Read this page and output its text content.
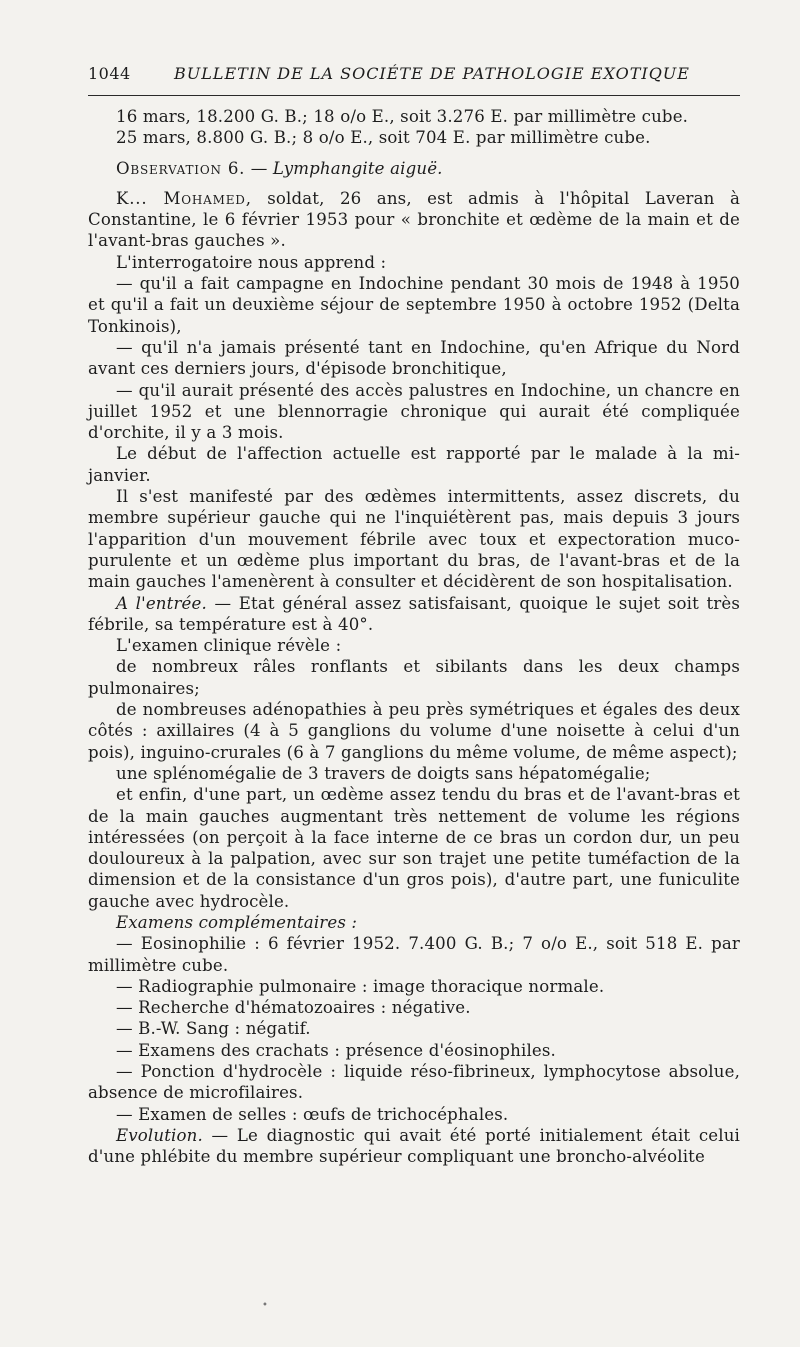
1044	BULLETIN DE LA SOCIÉTE DE PATHOLOGIE EXOTIQUE

16 mars, 18.200 G. B.; 18 o/o E., soit 3.276 E. par millimètre cube.

25 mars, 8.800 G. B.; 8 o/o E., soit 704 E. par millimètre cube.

Observation 6. — Lymphangite aiguë.

K... Mohamed, soldat, 26 ans, est admis à l'hôpital Laveran à Constantine, le 6 février 1953 pour « bronchite et œdème de la main et de l'avant-bras gauches ».

L'interrogatoire nous apprend :

— qu'il a fait campagne en Indochine pendant 30 mois de 1948 à 1950 et qu'il a fait un deuxième séjour de septembre 1950 à octobre 1952 (Delta Tonkinois),

— qu'il n'a jamais présenté tant en Indochine, qu'en Afrique du Nord avant ces derniers jours, d'épisode bronchitique,

— qu'il aurait présenté des accès palustres en Indochine, un chancre en juillet 1952 et une blennorragie chronique qui aurait été compliquée d'orchite, il y a 3 mois.

Le début de l'affection actuelle est rapporté par le malade à la mi-janvier.

Il s'est manifesté par des œdèmes intermittents, assez discrets, du membre supérieur gauche qui ne l'inquiétèrent pas, mais depuis 3 jours l'apparition d'un mouvement fébrile avec toux et expectoration muco-purulente et un œdème plus important du bras, de l'avant-bras et de la main gauches l'amenèrent à consulter et décidèrent de son hospitalisation.

A l'entrée. — Etat général assez satisfaisant, quoique le sujet soit très fébrile, sa température est à 40°.

L'examen clinique révèle :

de nombreux râles ronflants et sibilants dans les deux champs pulmonaires;

de nombreuses adénopathies à peu près symétriques et égales des deux côtés : axillaires (4 à 5 ganglions du volume d'une noisette à celui d'un pois), inguino-crurales (6 à 7 ganglions du même volume, de même aspect);

une splénomégalie de 3 travers de doigts sans hépatomégalie;

et enfin, d'une part, un œdème assez tendu du bras et de l'avant-bras et de la main gauches augmentant très nettement de volume les régions intéressées (on perçoit à la face interne de ce bras un cordon dur, un peu douloureux à la palpation, avec sur son trajet une petite tuméfaction de la dimension et de la consistance d'un gros pois), d'autre part, une funiculite gauche avec hydrocèle.

Examens complémentaires :

— Eosinophilie : 6 février 1952. 7.400 G. B.; 7 o/o E., soit 518 E. par millimètre cube.

— Radiographie pulmonaire : image thoracique normale.

— Recherche d'hématozoaires : négative.

— B.-W. Sang : négatif.

— Examens des crachats : présence d'éosinophiles.

— Ponction d'hydrocèle : liquide réso-fibrineux, lymphocytose absolue, absence de microfilaires.

— Examen de selles : œufs de trichocéphales.

Evolution. — Le diagnostic qui avait été porté initialement était celui d'une phlébite du membre supérieur compliquant une broncho-alvéolite

•
